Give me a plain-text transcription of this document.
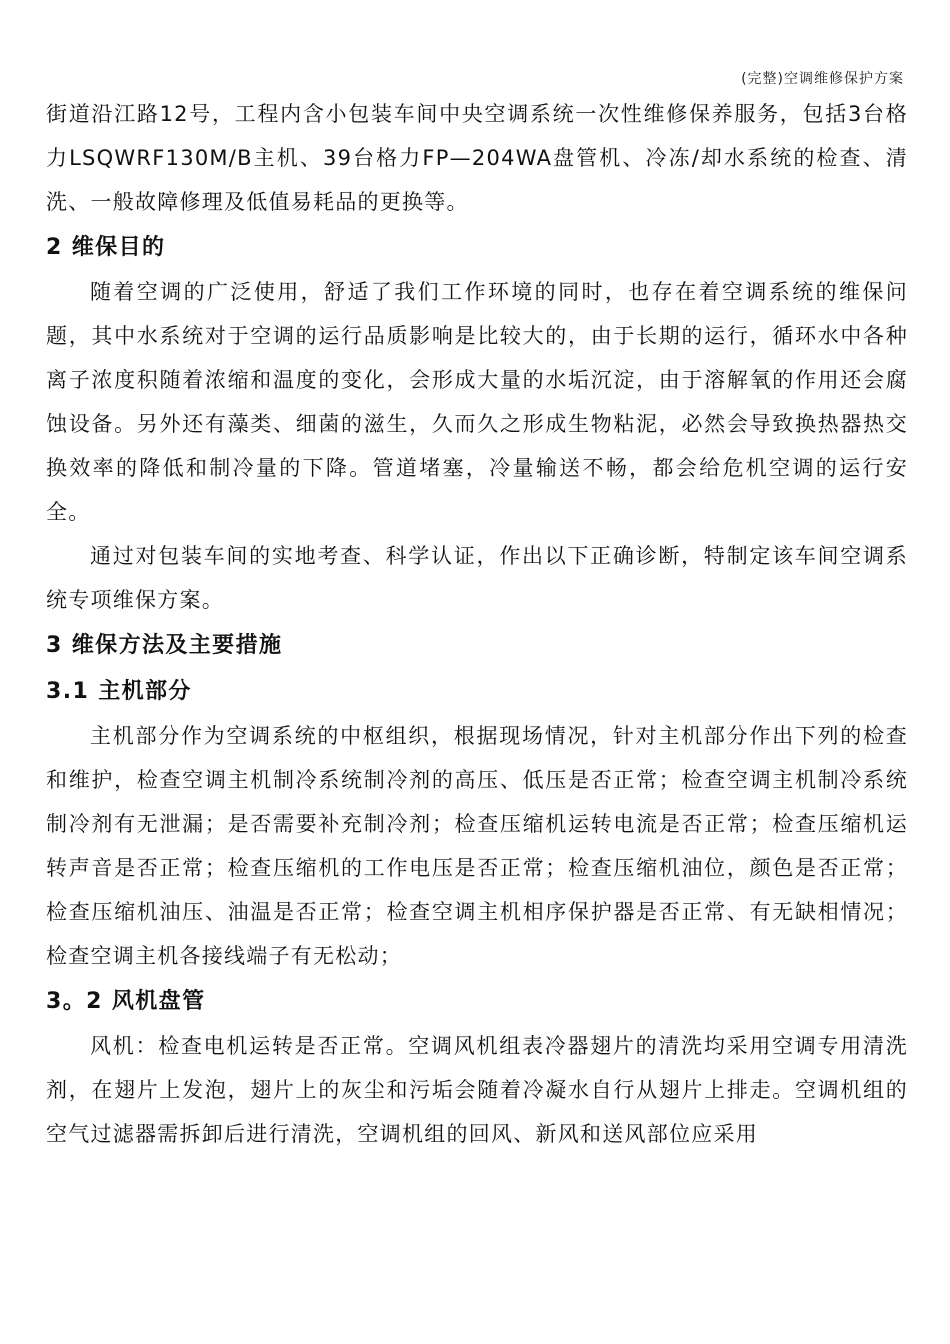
(完整)空调维修保护方案

街道沿江路12号，工程内含小包装车间中央空调系统一次性维修保养服务，包括3台格力LSQWRF130M/B主机、39台格力FP—204WA盘管机、冷冻/却水系统的检查、清洗、一般故障修理及低值易耗品的更换等。

2 维保目的

随着空调的广泛使用，舒适了我们工作环境的同时，也存在着空调系统的维保问题，其中水系统对于空调的运行品质影响是比较大的，由于长期的运行，循环水中各种离子浓度积随着浓缩和温度的变化，会形成大量的水垢沉淀，由于溶解氧的作用还会腐蚀设备。另外还有藻类、细菌的滋生，久而久之形成生物粘泥，必然会导致换热器热交换效率的降低和制冷量的下降。管道堵塞，冷量输送不畅，都会给危机空调的运行安全。

通过对包装车间的实地考查、科学认证，作出以下正确诊断，特制定该车间空调系统专项维保方案。

3 维保方法及主要措施
3.1 主机部分

主机部分作为空调系统的中枢组织，根据现场情况，针对主机部分作出下列的检查和维护，检查空调主机制冷系统制冷剂的高压、低压是否正常；检查空调主机制冷系统制冷剂有无泄漏；是否需要补充制冷剂；检查压缩机运转电流是否正常；检查压缩机运转声音是否正常；检查压缩机的工作电压是否正常；检查压缩机油位，颜色是否正常；检查压缩机油压、油温是否正常；检查空调主机相序保护器是否正常、有无缺相情况；检查空调主机各接线端子有无松动；

3。2 风机盘管

风机：检查电机运转是否正常。空调风机组表冷器翅片的清洗均采用空调专用清洗剂，在翅片上发泡，翅片上的灰尘和污垢会随着冷凝水自行从翅片上排走。空调机组的空气过滤器需拆卸后进行清洗，空调机组的回风、新风和送风部位应采用
